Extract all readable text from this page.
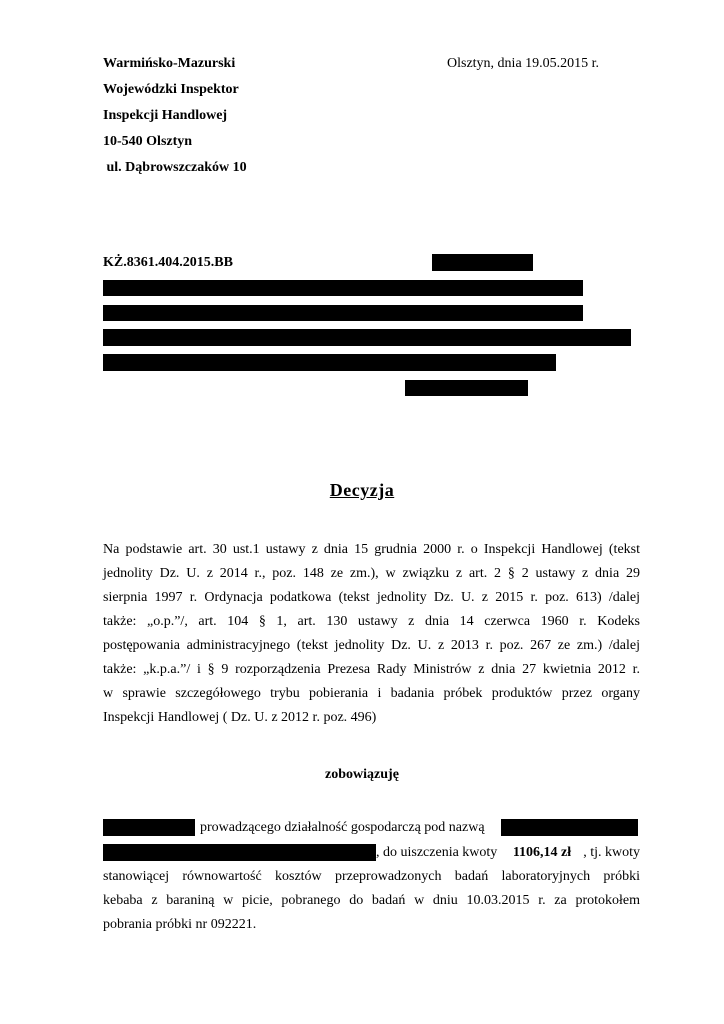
Warmińsko-Mazurski
Wojewódzki Inspektor
Inspekcji Handlowej
10-540 Olsztyn
ul. Dąbrowszczaków 10
Olsztyn, dnia 19.05.2015 r.
KŻ.8361.404.2015.BB
Decyzja
Na podstawie art. 30 ust.1 ustawy z dnia 15 grudnia 2000 r. o Inspekcji Handlowej (tekst
jednolity Dz. U. z 2014 r., poz. 148 ze zm.), w związku z art. 2 § 2 ustawy z dnia 29
sierpnia 1997 r. Ordynacja podatkowa (tekst jednolity Dz. U. z 2015 r. poz. 613) /dalej
także: „o.p.”/, art. 104 § 1, art. 130 ustawy z dnia 14 czerwca 1960 r. Kodeks
postępowania administracyjnego (tekst jednolity Dz. U. z 2013 r. poz. 267 ze zm.) /dalej
także: „k.p.a.”/ i § 9 rozporządzenia Prezesa Rady Ministrów z dnia 27 kwietnia 2012 r.
w sprawie szczegółowego trybu pobierania i badania próbek produktów przez organy
Inspekcji Handlowej ( Dz. U. z 2012 r. poz. 496)
zobowiązuję
prowadzącego działalność gospodarczą pod nazwą
, do uiszczenia kwoty 1106,14 zł , tj. kwoty
stanowiącej równowartość kosztów przeprowadzonych badań laboratoryjnych próbki
kebaba z baraniną w picie, pobranego do badań w dniu 10.03.2015 r. za protokołem
pobrania próbki nr 092221.
